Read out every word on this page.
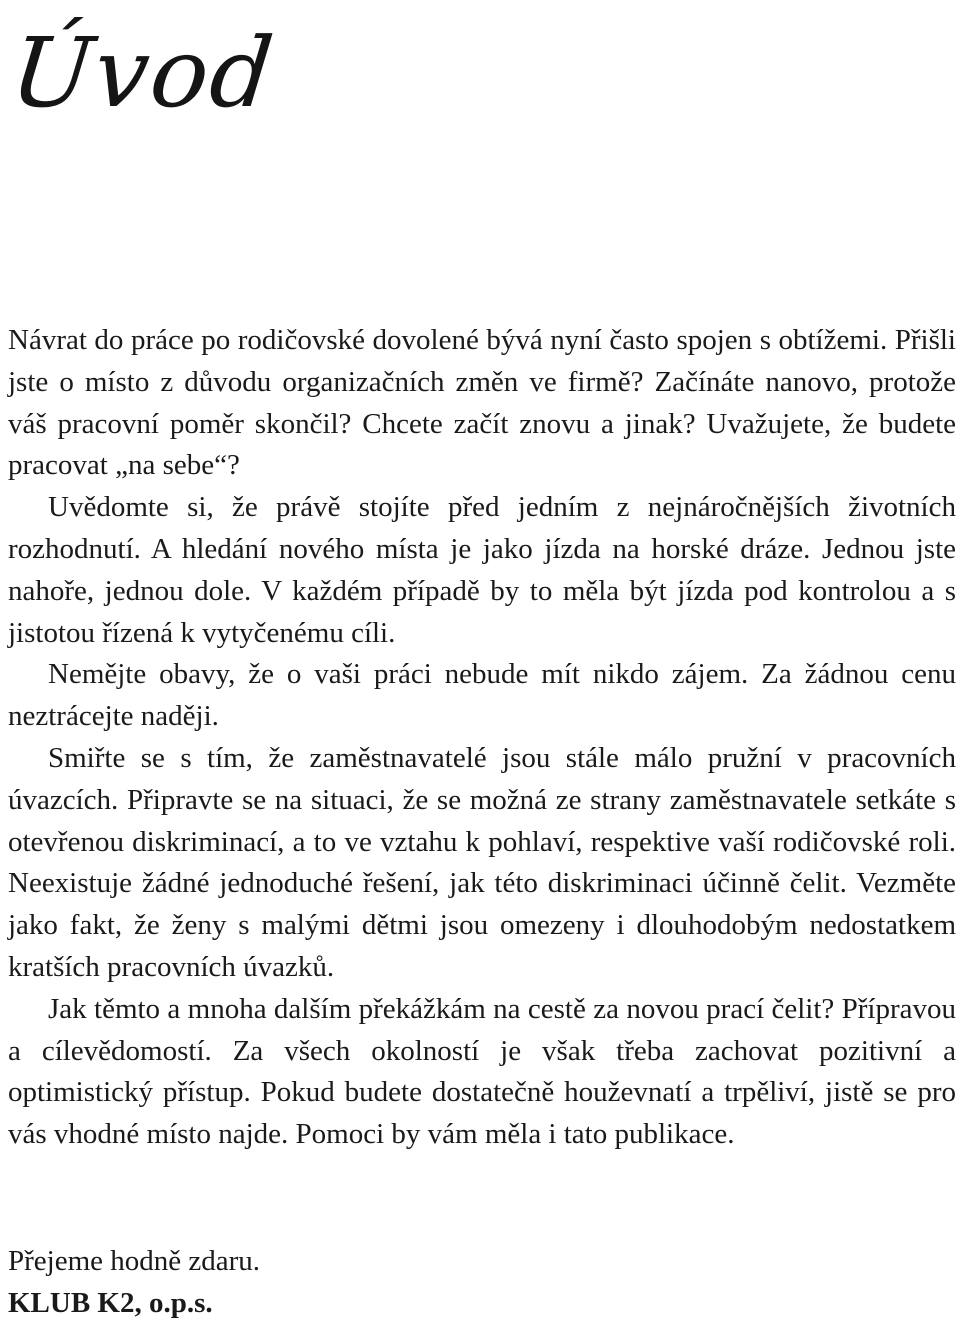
Úvod

Návrat do práce po rodičovské dovolené bývá nyní často spojen s obtížemi. Přišli jste o místo z důvodu organizačních změn ve firmě? Začínáte nanovo, protože váš pracovní poměr skončil? Chcete začít znovu a jinak? Uvažujete, že budete pracovat „na sebe“?

Uvědomte si, že právě stojíte před jedním z nejnáročnějších životních rozhodnutí. A hledání nového místa je jako jízda na horské dráze. Jednou jste nahoře, jednou dole. V každém případě by to měla být jízda pod kontrolou a s jistotou řízená k vytyčenému cíli.

Nemějte obavy, že o vaši práci nebude mít nikdo zájem. Za žádnou cenu neztrácejte naději.

Smiřte se s tím, že zaměstnavatelé jsou stále málo pružní v pracovních úvazcích. Připravte se na situaci, že se možná ze strany zaměstnavatele setkáte s otevřenou diskriminací, a to ve vztahu k pohlaví, respektive vaší rodičovské roli. Neexistuje žádné jednoduché řešení, jak této diskriminaci účinně čelit. Vezměte jako fakt, že ženy s malými dětmi jsou omezeny i dlouhodobým nedostatkem kratších pracovních úvazků.

Jak těmto a mnoha dalším překážkám na cestě za novou prací čelit? Přípravou a cílevědomostí. Za všech okolností je však třeba zachovat pozitivní a optimistický přístup. Pokud budete dostatečně houževnatí a trpěliví, jistě se pro vás vhodné místo najde. Pomoci by vám měla i tato publikace.

Přejeme hodně zdaru.

KLUB K2, o.p.s.
